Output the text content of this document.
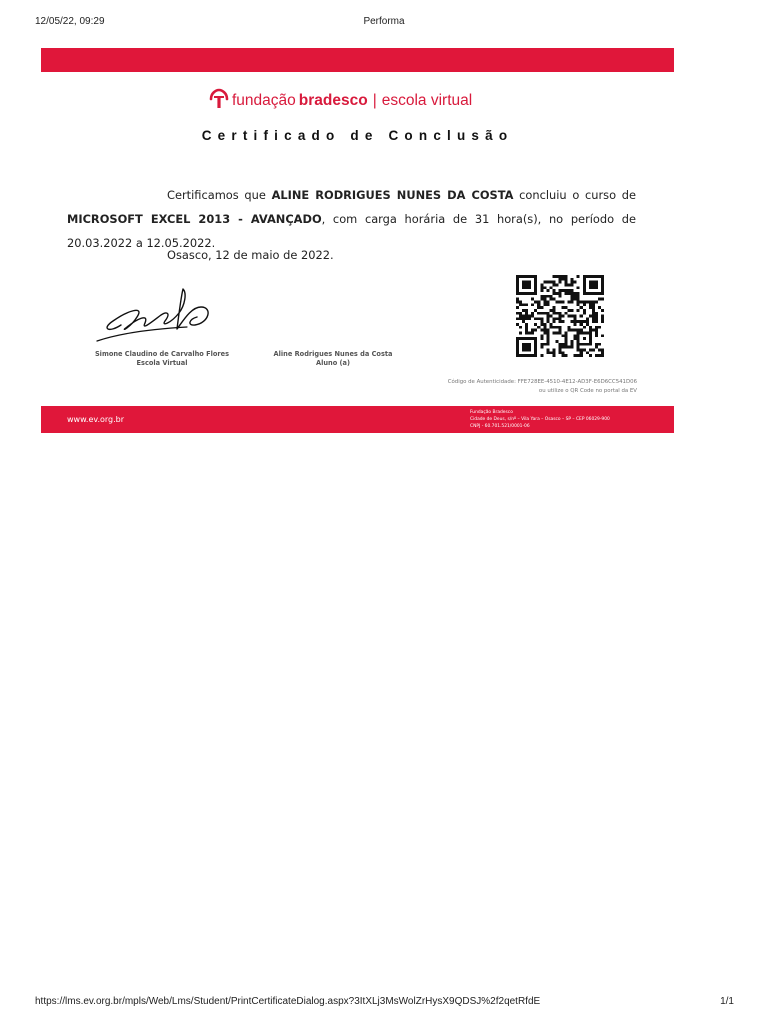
12/05/22, 09:29	Performa
fundação bradesco | escola virtual
Certificado de Conclusão
Certificamos que ALINE RODRIGUES NUNES DA COSTA concluiu o curso de MICROSOFT EXCEL 2013 - AVANÇADO, com carga horária de 31 hora(s), no período de 20.03.2022 a 12.05.2022.
Osasco, 12 de maio de 2022.
Simone Claudino de Carvalho Flores
Escola Virtual
Aline Rodrigues Nunes da Costa
Aluno (a)
Código de Autenticidade: FFE728EE-4510-4E12-AD3F-E6D6CC541D06
ou utilize o QR Code no portal da EV
www.ev.org.br
Fundação Bradesco
Cidade de Deus, s/nº – Vila Yara – Osasco – SP – CEP 06029-900
CNPJ - 60.701.521/0001-06
https://lms.ev.org.br/mpls/Web/Lms/Student/PrintCertificateDialog.aspx?3ItXLj3MsWolZrHysX9QDSJ%2f2qetRfdE	1/1
